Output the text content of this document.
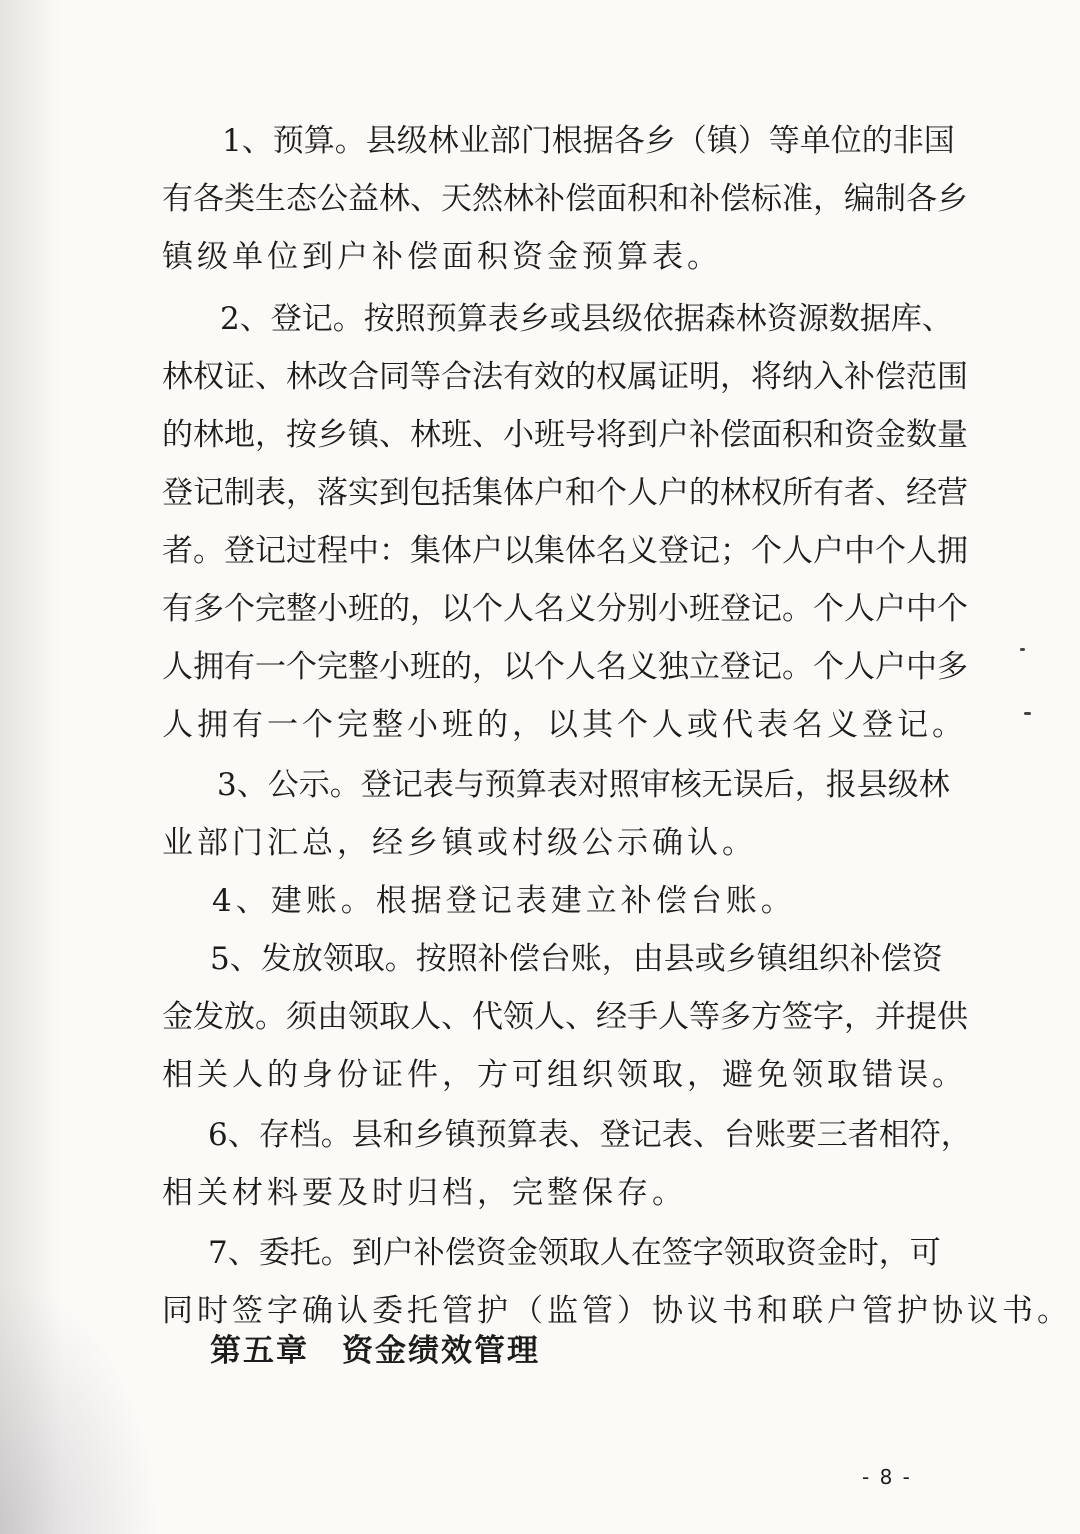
1 、 预 算 。 县 级 林 业 部 门 根 据 各 乡 （ 镇 ） 等 单 位 的 非 国
有 各 类 生 态 公 益 林 、 天 然 林 补 偿 面 积 和 补 偿 标 准 ， 编 制 各 乡
镇级单位到户补偿面积资金预算表。
2 、 登 记 。 按 照 预 算 表 乡 或 县 级 依 据 森 林 资 源 数 据 库 、
林 权 证 、 林 改 合 同 等 合 法 有 效 的 权 属 证 明 ， 将 纳 入 补 偿 范 围
的 林 地 ， 按 乡 镇 、 林 班 、 小 班 号 将 到 户 补 偿 面 积 和 资 金 数 量
登 记 制 表 ， 落 实 到 包 括 集 体 户 和 个 人 户 的 林 权 所 有 者 、 经 营
者 。 登 记 过 程 中 ： 集 体 户 以 集 体 名 义 登 记 ； 个 人 户 中 个 人 拥
有 多 个 完 整 小 班 的 ， 以 个 人 名 义 分 别 小 班 登 记 。 个 人 户 中 个
人 拥 有 一 个 完 整 小 班 的 ， 以 个 人 名 义 独 立 登 记 。 个 人 户 中 多
人拥有一个完整小班的，以其个人或代表名义登记。
3 、 公 示 。 登 记 表 与 预 算 表 对 照 审 核 无 误 后 ， 报 县 级 林
业部门汇总，经乡镇或村级公示确认。
4、建账。根据登记表建立补偿台账。
5 、 发 放 领 取 。 按 照 补 偿 台 账 ， 由 县 或 乡 镇 组 织 补 偿 资
金 发 放 。 须 由 领 取 人 、 代 领 人 、 经 手 人 等 多 方 签 字 ， 并 提 供
相关人的身份证件，方可组织领取，避免领取错误。
6 、 存 档 。 县 和 乡 镇 预 算 表 、 登 记 表 、 台 账 要 三 者 相 符 ，
相关材料要及时归档，完整保存。
7 、 委 托 。 到 户 补 偿 资 金 领 取 人 在 签 字 领 取 资 金 时 ， 可
同时签字确认委托管护（监管）协议书和联户管护协议书。
第五章　资金绩效管理
- 8 -
